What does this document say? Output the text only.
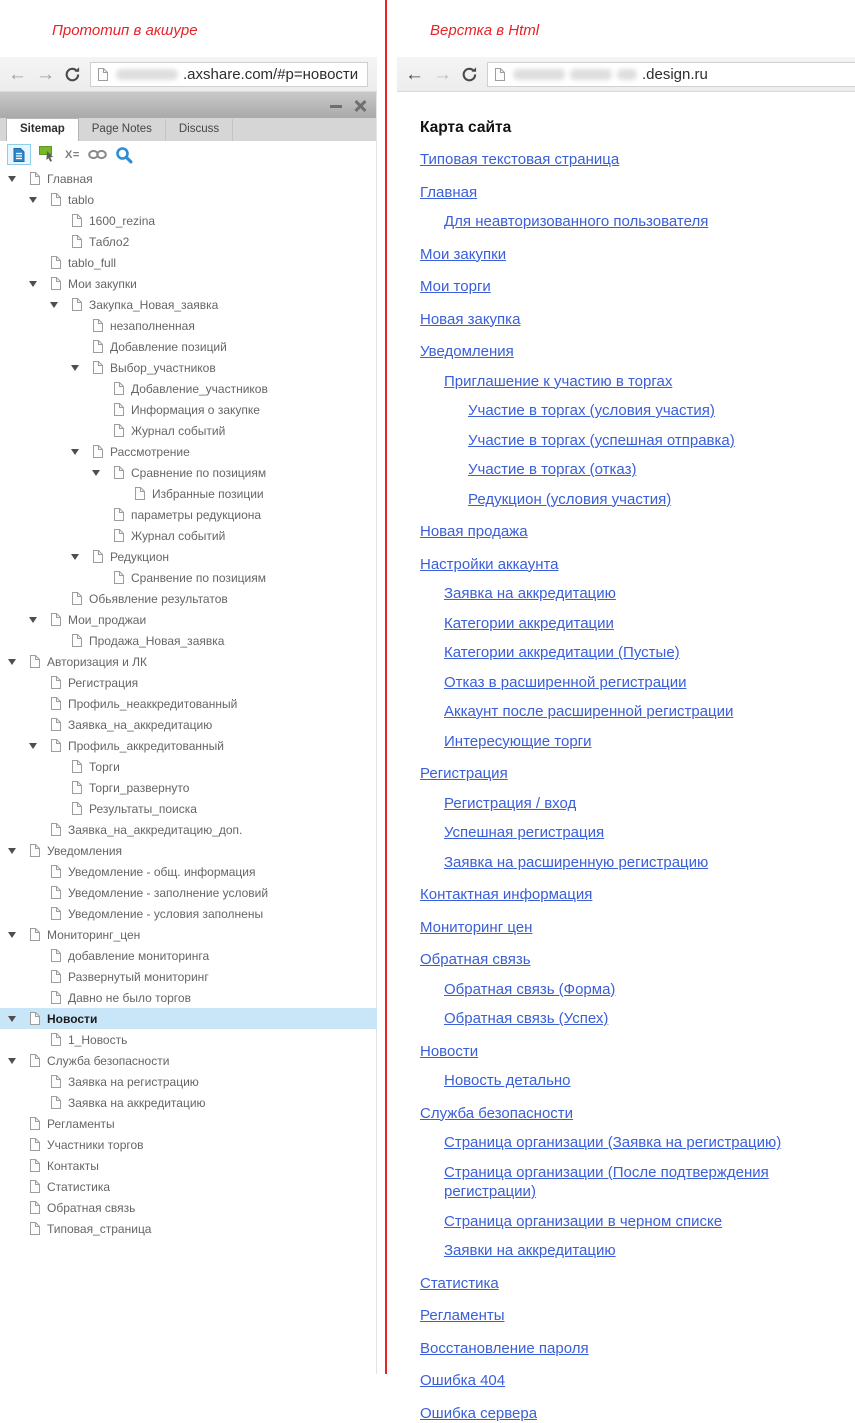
Прототип в акшуре	Верстка в Html
← →	.axshare.com/#p=новости ← →	.design.ru
Sitemap	Page Notes	Discuss
X=
Главная
tablo
1600_rezina
Табло2
tablo_full
Мои закупки
Закупка_Новая_заявка
незаполненная
Добавление позиций
Выбор_участников
Добавление_участников
Информация о закупке
Журнал событий
Рассмотрение
Сравнение по позициям
Избранные позиции
параметры редукциона
Журнал событий
Редукцион
Сранвение по позициям
Обьявление результатов
Мои_проджаи
Продажа_Новая_заявка
Авторизация и ЛК
Регистрация
Профиль_неаккредитованный
Заявка_на_аккредитацию
Профиль_аккредитованный
Торги
Торги_развернуто
Результаты_поиска
Заявка_на_аккредитацию_доп.
Уведомления
Уведомление - общ. информация
Уведомление - заполнение условий
Уведомление - условия заполнены
Мониторинг_цен
добавление мониторинга
Развернутый мониторинг
Давно не было торгов
Новости
1_Новость
Служба безопасности
Заявка на регистрацию
Заявка на аккредитацию
Регламенты
Участники торгов
Контакты
Статистика
Обратная связь
Типовая_страница
Карта сайта
Типовая текстовая страница
Главная
Для неавторизованного пользователя
Мои закупки
Мои торги
Новая закупка
Уведомления
Приглашение к участию в торгах
Участие в торгах (условия участия)
Участие в торгах (успешная отправка)
Участие в торгах (отказ)
Редукцион (условия участия)
Новая продажа
Настройки аккаунта
Заявка на аккредитацию
Категории аккредитации
Категории аккредитации (Пустые)
Отказ в расширенной регистрации
Аккаунт после расширенной регистрации
Интересующие торги
Регистрация
Регистрация / вход
Успешная регистрация
Заявка на расширенную регистрацию
Контактная информация
Мониторинг цен
Обратная связь
Обратная связь (Форма)
Обратная связь (Успех)
Новости
Новость детально
Служба безопасности
Страница организации (Заявка на регистрацию)
Страница организации (После подтверждения регистрации)
Страница организации в черном списке
Заявки на аккредитацию
Статистика
Регламенты
Восстановление пароля
Ошибка 404
Ошибка сервера
